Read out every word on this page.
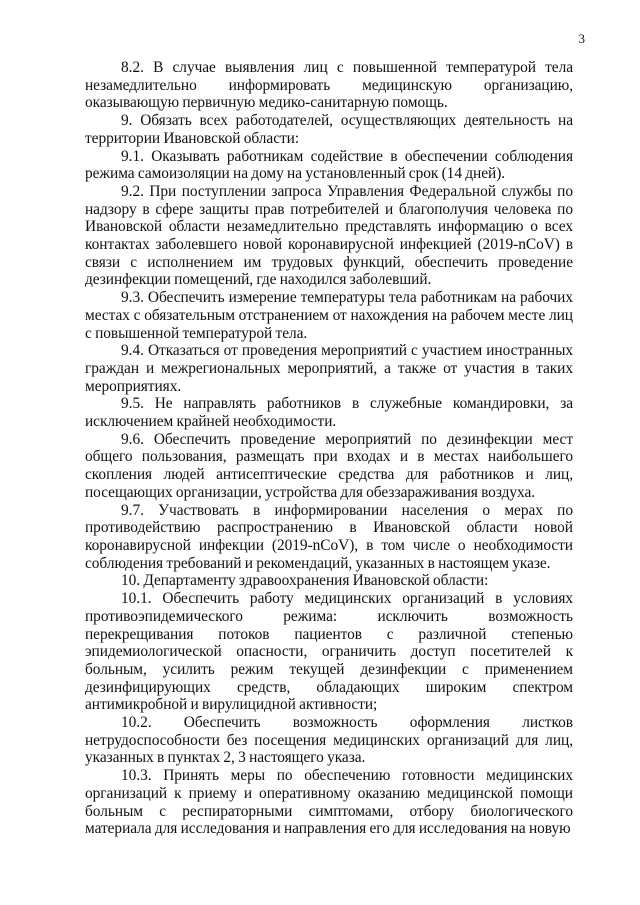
3

8.2. В случае выявления лиц с повышенной температурой тела незамедлительно информировать медицинскую организацию, оказывающую первичную медико-санитарную помощь.

9. Обязать всех работодателей, осуществляющих деятельность на территории Ивановской области:

9.1. Оказывать работникам содействие в обеспечении соблюдения режима самоизоляции на дому на установленный срок (14 дней).

9.2. При поступлении запроса Управления Федеральной службы по надзору в сфере защиты прав потребителей и благополучия человека по Ивановской области незамедлительно представлять информацию о всех контактах заболевшего новой коронавирусной инфекцией (2019-nCoV) в связи с исполнением им трудовых функций, обеспечить проведение дезинфекции помещений, где находился заболевший.

9.3. Обеспечить измерение температуры тела работникам на рабочих местах с обязательным отстранением от нахождения на рабочем месте лиц с повышенной температурой тела.

9.4. Отказаться от проведения мероприятий с участием иностранных граждан и межрегиональных мероприятий, а также от участия в таких мероприятиях.

9.5. Не направлять работников в служебные командировки, за исключением крайней необходимости.

9.6. Обеспечить проведение мероприятий по дезинфекции мест общего пользования, размещать при входах и в местах наибольшего скопления людей антисептические средства для работников и лиц, посещающих организации, устройства для обеззараживания воздуха.

9.7. Участвовать в информировании населения о мерах по противодействию распространению в Ивановской области новой коронавирусной инфекции (2019-nCoV), в том числе о необходимости соблюдения требований и рекомендаций, указанных в настоящем указе.

10. Департаменту здравоохранения Ивановской области:

10.1. Обеспечить работу медицинских организаций в условиях противоэпидемического режима: исключить возможность перекрещивания потоков пациентов с различной степенью эпидемиологической опасности, ограничить доступ посетителей к больным, усилить режим текущей дезинфекции с применением дезинфицирующих средств, обладающих широким спектром антимикробной и вирулицидной активности;

10.2. Обеспечить возможность оформления листков нетрудоспособности без посещения медицинских организаций для лиц, указанных в пунктах 2, 3 настоящего указа.

10.3. Принять меры по обеспечению готовности медицинских организаций к приему и оперативному оказанию медицинской помощи больным с респираторными симптомами, отбору биологического материала для исследования и направления его для исследования на новую
